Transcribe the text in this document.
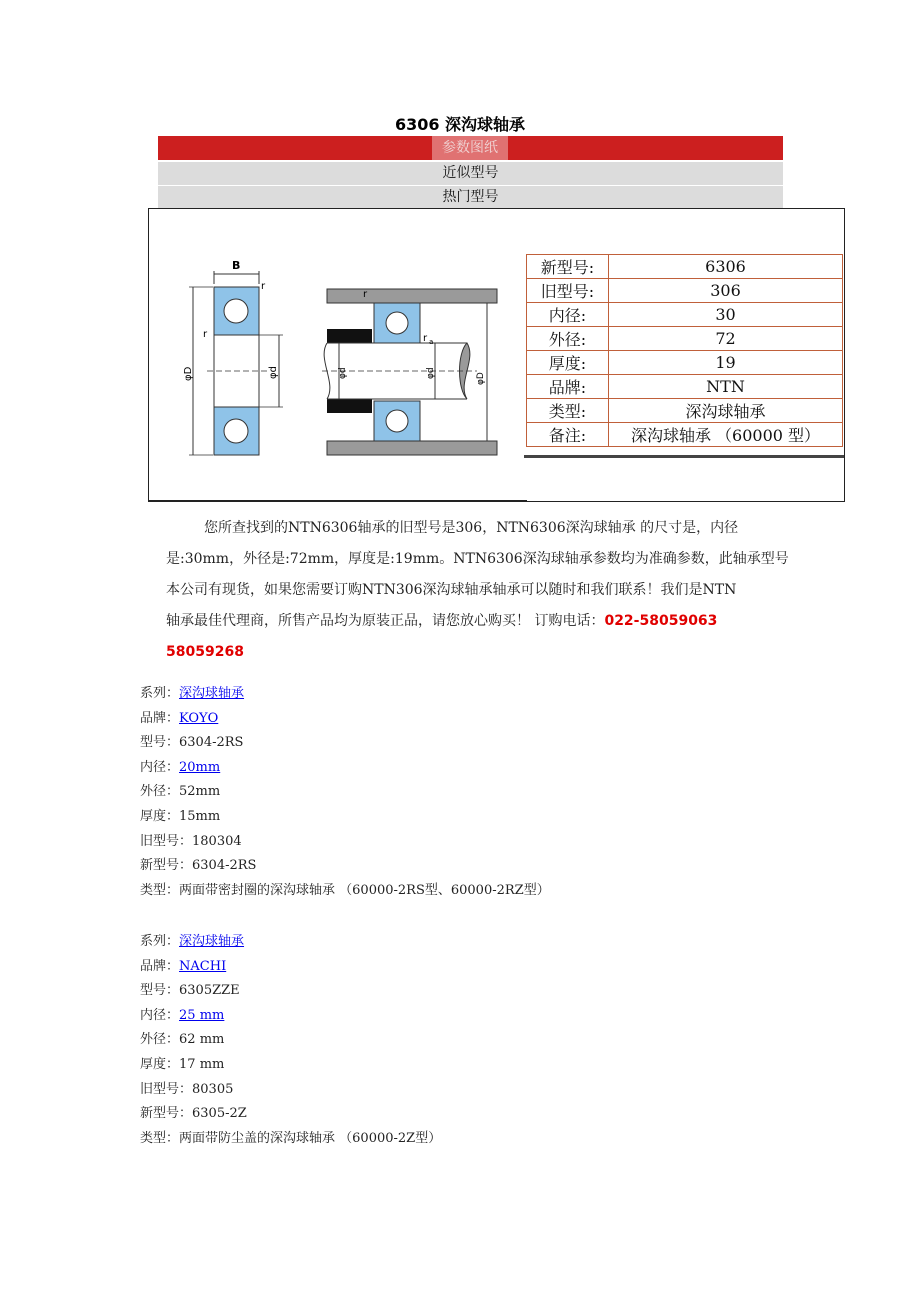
6306 深沟球轴承
参数图纸
近似型号
热门型号
B
r
r
φD	φd
r
r a
φd	φd	φD
新型号:	6306
旧型号:	306
内径:	30
外径:	72
厚度:	19
品牌:	NTN
类型:	深沟球轴承
备注:	深沟球轴承 （60000 型）
您所查找到的NTN6306轴承的旧型号是306，NTN6306深沟球轴承 的尺寸是，内径
是:30mm，外径是:72mm，厚度是:19mm。NTN6306深沟球轴承参数均为准确参数，此轴承型号
本公司有现货，如果您需要订购NTN306深沟球轴承轴承可以随时和我们联系！我们是NTN
轴承最佳代理商，所售产品均为原装正品，请您放心购买！ 订购电话：022-58059063
58059268
系列：深沟球轴承
品牌：KOYO
型号：6304-2RS
内径：20mm
外径：52mm
厚度：15mm
旧型号：180304
新型号：6304-2RS
类型：两面带密封圈的深沟球轴承 （60000-2RS型、60000-2RZ型）
系列：深沟球轴承
品牌：NACHI
型号：6305ZZE
内径：25 mm
外径：62 mm
厚度：17 mm
旧型号：80305
新型号：6305-2Z
类型：两面带防尘盖的深沟球轴承 （60000-2Z型）
